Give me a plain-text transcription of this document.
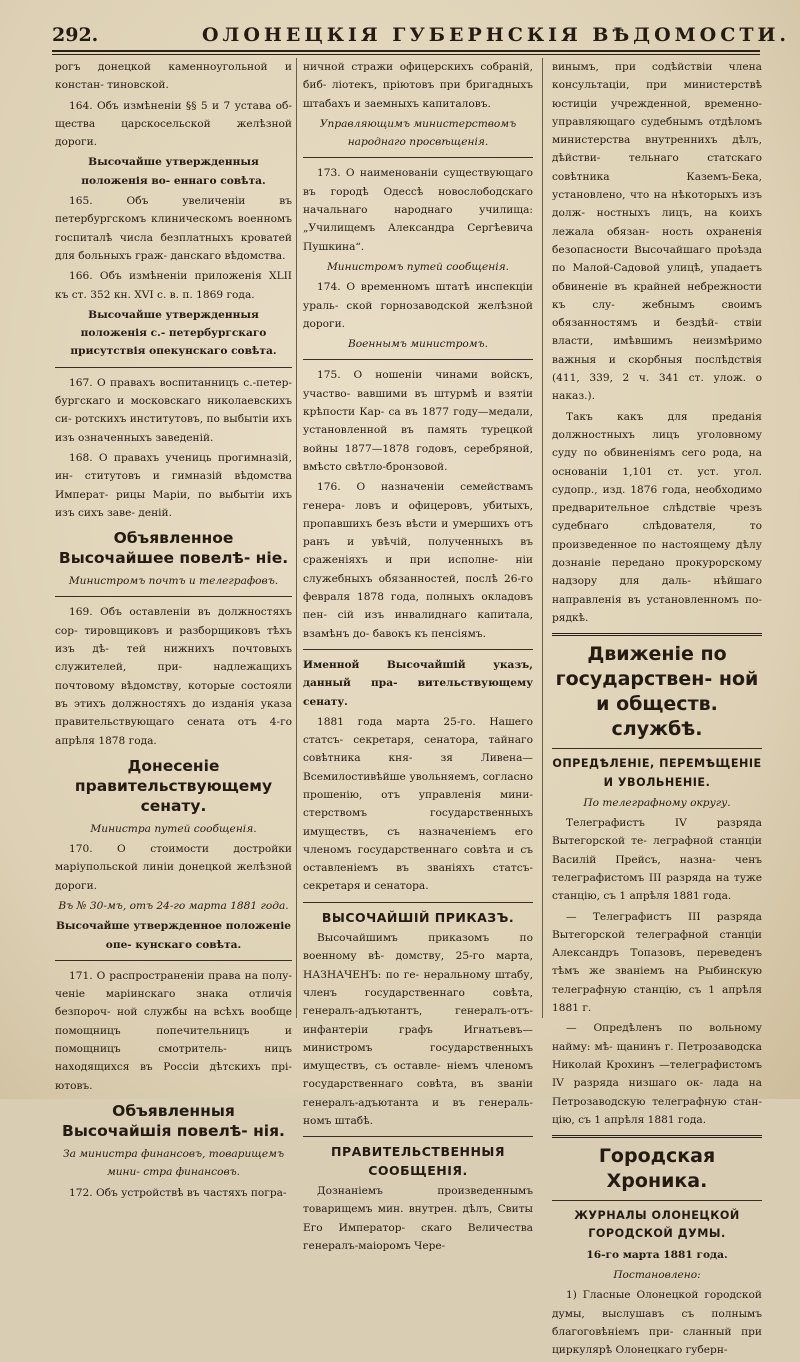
292.	ОЛОНЕЦКІЯ ГУБЕРНСКІЯ ВѢДОМОСТИ.

рогъ донецкой каменноугольной и констан- тиновской.

164. Объ измѣненіи §§ 5 и 7 устава об- щества царскосельской желѣзной дороги.

Высочайше утвержденныя положенія во- еннаго совѣта.

165. Объ увеличеніи въ петербургскомъ клиническомъ военномъ госпиталѣ числа безплатныхъ кроватей для больныхъ граж- данскаго вѣдомства.

166. Объ измѣненіи приложенія XLII къ ст. 352 кн. XVI с. в. п. 1869 года.

Высочайше утвержденныя положенія с.- петербургскаго присутствія опекунскаго совѣта.

167. О правахъ воспитанницъ с.-петер- бургскаго и московскаго николаевскихъ си- ротскихъ институтовъ, по выбытіи ихъ изъ означенныхъ заведеній.

168. О правахъ учениць прогимназій, ин- ститутовъ и гимназій вѣдомства Императ- рицы Маріи, по выбытіи ихъ изъ сихъ заве- деній.

Объявленное Высочайшее повелѣ- ніе.

Министромъ почтъ и телеграфовъ.

169. Объ оставленіи въ должностяхъ сор- тировщиковъ и разборщиковъ тѣхъ изъ дѣ- тей нижнихъ почтовыхъ служителей, при- надлежащихъ почтовому вѣдомству, которые состояли въ этихъ должностяхъ до изданія указа правительствующаго сената отъ 4-го апрѣля 1878 года.

Донесеніе правительствующему сенату.

Министра путей сообщенія.

170. О стоимости достройки маріупольской линіи донецкой желѣзной дороги.

Въ № 30-мъ, отъ 24-го марта 1881 года.

Высочайше утвержденное положеніе опе- кунскаго совѣта.

171. О распространеніи права на полу- ченіе маріинскаго знака отличія безпороч- ной службы на всѣхъ вообще помощницъ попечительницъ и помощницъ смотритель- ницъ находящихся въ Россіи дѣтскихъ прі- ютовъ.

Объявленныя Высочайшія повелѣ- нія.

За министра финансовъ, товарищемъ мини- стра финансовъ.

172. Объ устройствѣ въ частяхъ погра-

ничной стражи офицерскихъ собраній, биб- ліотекъ, пріютовъ при бригадныхъ штабахъ и заемныхъ капиталовъ.

Управляющимъ министерствомъ народнаго просвѣщенія.

173. О наименованіи существующаго въ городѣ Одессѣ новослободскаго начальнаго народнаго училища: „Училищемъ Александра Сергѣевича Пушкина“.

Министромъ путей сообщенія.

174. О временномъ штатѣ инспекціи ураль- ской горнозаводской желѣзной дороги.

Военнымъ министромъ.

175. О ношеніи чинами войскъ, участво- вавшими въ штурмѣ и взятіи крѣпости Кар- са въ 1877 году—медали, установленной въ память турецкой войны 1877—1878 годовъ, серебряной, вмѣсто свѣтло-бронзовой.

176. О назначеніи семействамъ генера- ловъ и офицеровъ, убитыхъ, пропавшихъ безъ вѣсти и умершихъ отъ ранъ и увѣчій, полученныхъ въ сраженіяхъ и при исполне- ніи служебныхъ обязанностей, послѣ 26-го февраля 1878 года, полныхъ окладовъ пен- сій изъ инвалиднаго капитала, взамѣнъ до- бавокъ къ пенсіямъ.

Именной Высочайшій указъ, данный пра- вительствующему сенату.

1881 года марта 25-го. Нашего статсъ- секретаря, сенатора, тайнаго совѣтника кня- зя Ливена—Всемилостивѣйше увольняемъ, согласно прошенію, отъ управленія мини- стерствомъ государственныхъ имуществъ, съ назначеніемъ его членомъ государственнаго совѣта и съ оставленіемъ въ званіяхъ статсъ- секретаря и сенатора.

ВЫСОЧАЙШІЙ ПРИКАЗЪ.

Высочайшимъ приказомъ по военному вѣ- домству, 25-го марта, НАЗНАЧЕНЪ: по ге- неральному штабу, членъ государственнаго совѣта, генералъ-адъютантъ, генералъ-отъ- инфантеріи графъ Игнатьевъ—министромъ государственныхъ имуществъ, съ оставле- ніемъ членомъ государственнаго совѣта, въ званіи генералъ-адъютанта и въ генераль- номъ штабѣ.

ПРАВИТЕЛЬСТВЕННЫЯ СООБЩЕНІЯ.

Дознаніемъ произведеннымъ товарищемъ мин. внутрен. дѣлъ, Свиты Его Император- скаго Величества генералъ-маіоромъ Чере-

винымъ, при содѣйствіи члена консультаціи, при министерствѣ юстиціи учрежденной, временно-управляющаго судебнымъ отдѣломъ министерства внутреннихъ дѣлъ, дѣйстви- тельнаго статскаго совѣтника Каземъ-Бека, установлено, что на нѣкоторыхъ изъ долж- ностныхъ лицъ, на коихъ лежала обязан- ность охраненія безопасности Высочайшаго проѣзда по Малой-Садовой улицѣ, упадаетъ обвиненіе въ крайней небрежности къ слу- жебнымъ своимъ обязанностямъ и бездѣй- ствіи власти, имѣвшимъ неизмѣримо важныя и скорбныя послѣдствія (411, 339, 2 ч. 341 ст. улож. о наказ.).

Такъ какъ для преданія должностныхъ лицъ уголовному суду по обвиненіямъ сего рода, на основаніи 1,101 ст. уст. угол. судопр., изд. 1876 года, необходимо предварительное слѣдствіе чрезъ судебнаго слѣдователя, то произведенное по настоящему дѣлу дознаніе передано прокурорскому надзору для даль- нѣйшаго направленія въ установленномъ по- рядкѣ.

Движеніе по государствен- ной и обществ. службѣ.

ОПРЕДѢЛЕНІЕ, ПЕРЕМѢЩЕНІЕ И УВОЛЬНЕНІЕ.

По телеграфному округу.

Телеграфистъ IV разряда Вытегорской те- леграфной станціи Василій Прейсъ, назна- ченъ телеграфистомъ III разряда на туже станцію, съ 1 апрѣля 1881 года.

— Телеграфистъ III разряда Вытегорской телеграфной станціи Александръ Топазовъ, переведенъ тѣмъ же званіемъ на Рыбинскую телеграфную станцію, съ 1 апрѣля 1881 г.

— Опредѣленъ по вольному найму: мѣ- щанинъ г. Петрозаводска Николай Крохинъ —телеграфистомъ IV разряда низшаго ок- лада на Петрозаводскую телеграфную стан- цію, съ 1 апрѣля 1881 года.

Городская Хроника.

ЖУРНАЛЫ ОЛОНЕЦКОЙ ГОРОДСКОЙ ДУМЫ.

16-го марта 1881 года.

Постановлено:

1) Гласные Олонецкой городской думы, выслушавъ съ полнымъ благоговѣніемъ при- сланный при циркулярѣ Олонецкаго губерн-
